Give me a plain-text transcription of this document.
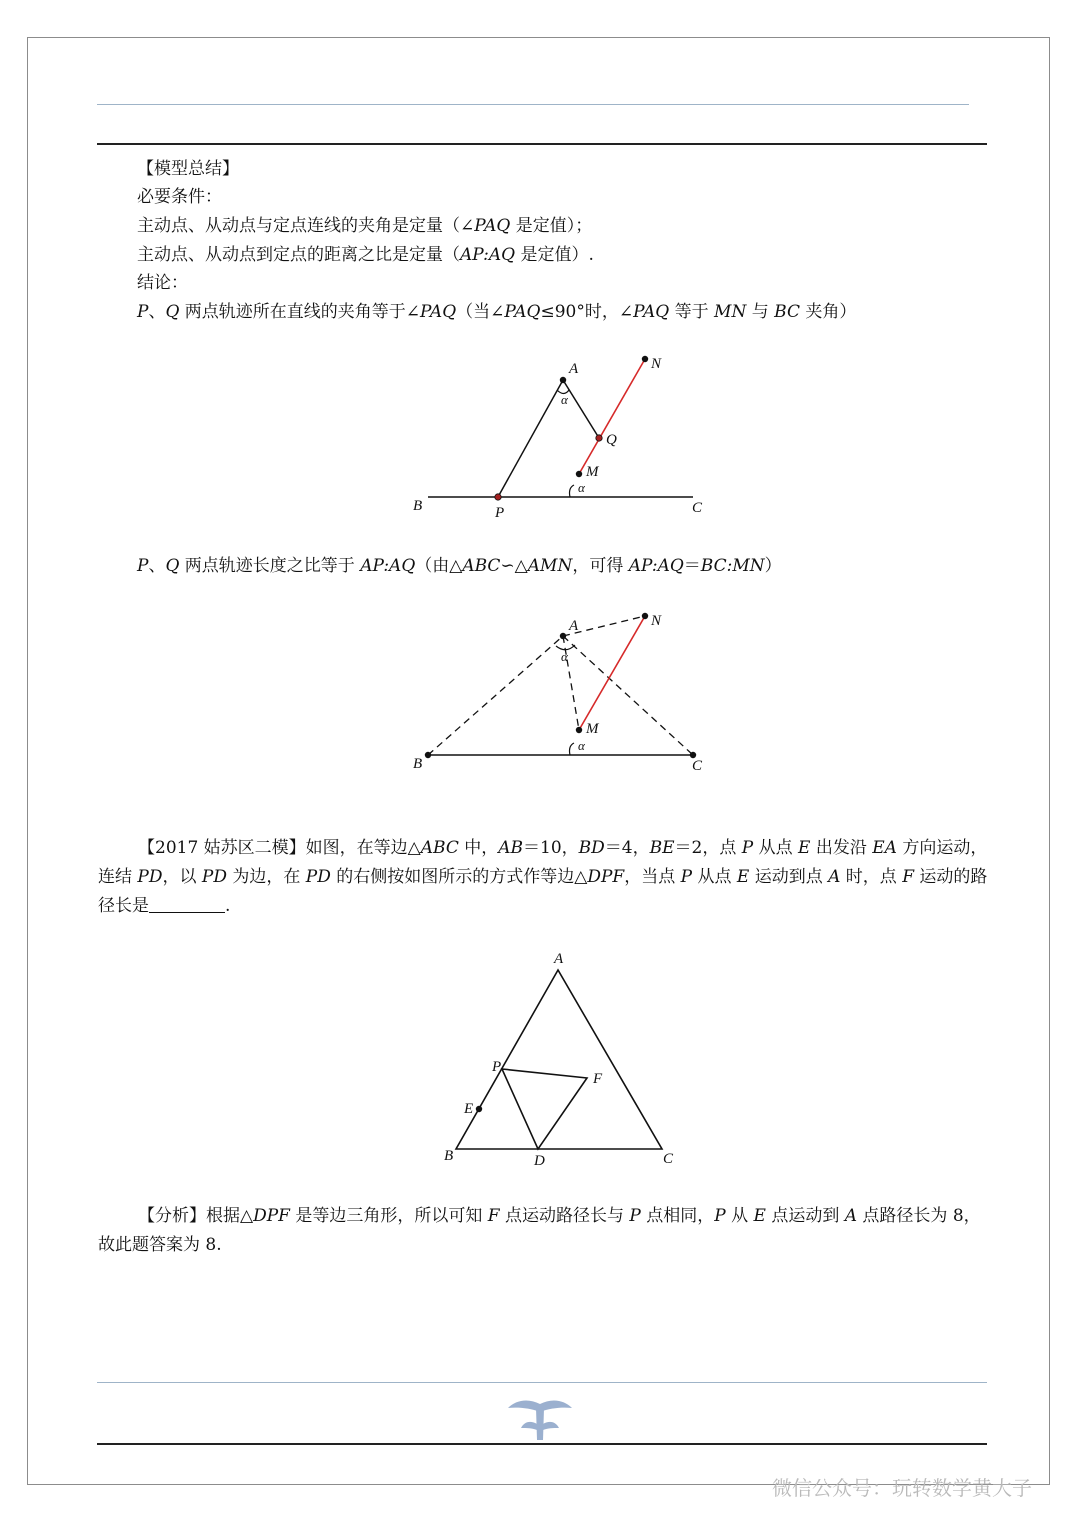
【模型总结】
必要条件：
主动点、从动点与定点连线的夹角是定量（∠PAQ 是定值）；
主动点、从动点到定点的距离之比是定量（AP:AQ 是定值）.
结论：
P、Q 两点轨迹所在直线的夹角等于∠PAQ（当∠PAQ≤90°时，∠PAQ 等于 MN 与 BC 夹角）
A	N
Q
M
B	P	C
α
α
P、Q 两点轨迹长度之比等于 AP:AQ（由△ABC∽△AMN，可得 AP:AQ＝BC:MN）
A	N
M
B	C
α
α
【2017 姑苏区二模】如图，在等边△ABC 中，AB＝10，BD＝4，BE＝2，点 P 从点 E 出发沿 EA 方向运动，连结 PD，以 PD 为边，在 PD 的右侧按如图所示的方式作等边△DPF，当点 P 从点 E 运动到点 A 时，点 F 运动的路径长是	.
A
P
F
E
B	D	C
【分析】根据△DPF 是等边三角形，所以可知 F 点运动路径长与 P 点相同，P 从 E 点运动到 A 点路径长为 8，故此题答案为 8.
微信公众号：玩转数学黄大子
